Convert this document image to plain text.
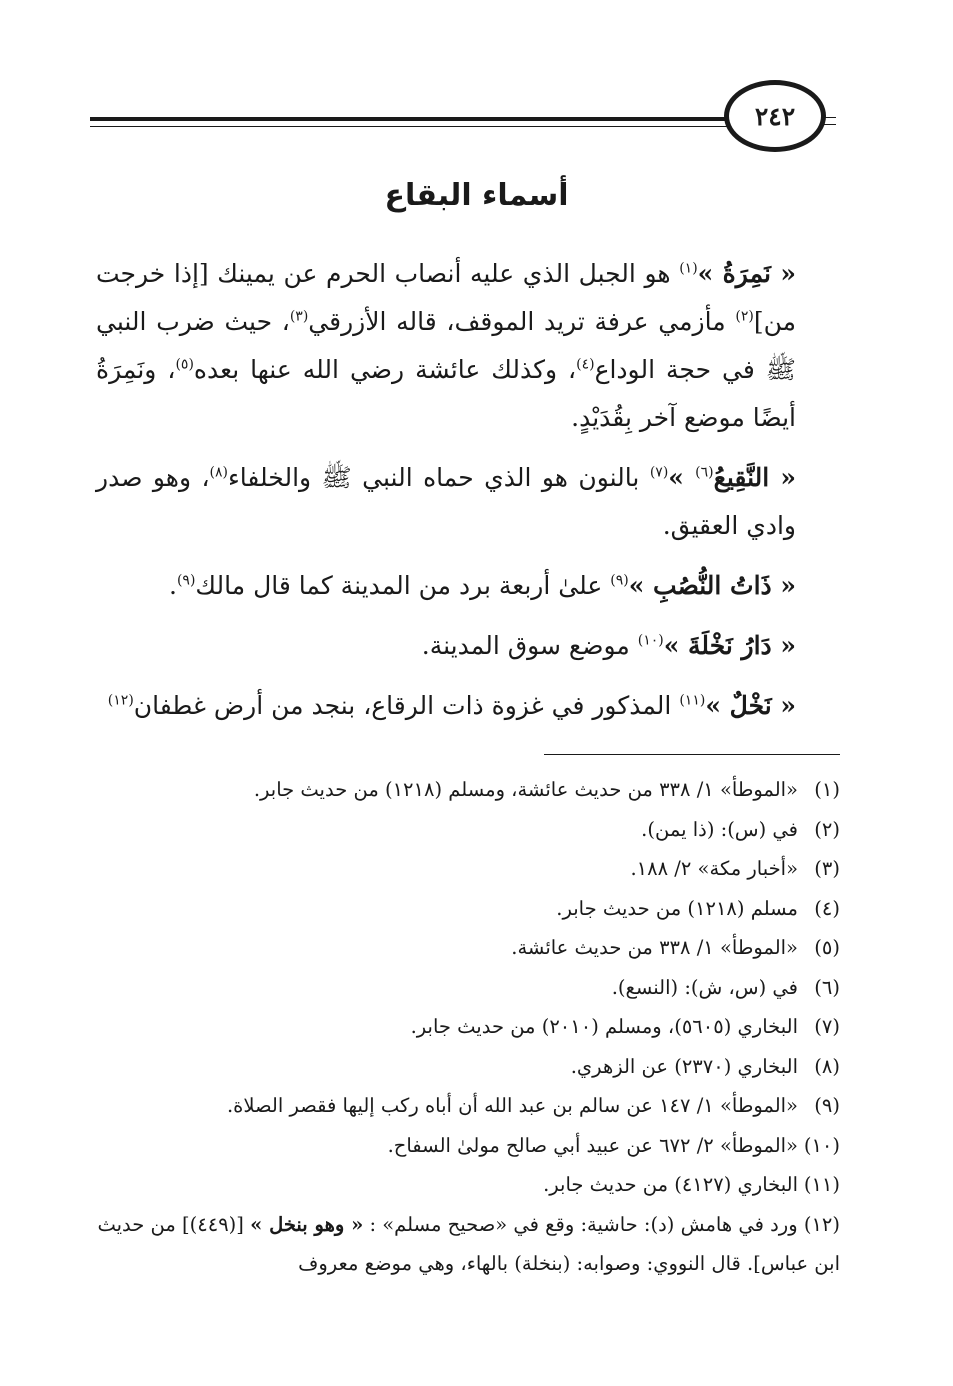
٢٤٢
أسماء البقاع

« نَمِرَةُ »$^{(١)}$ هو الجبل الذي عليه أنصاب الحرم عن يمينك [إذا خرجت من]$^{(٢)}$ مأزمي عرفة تريد الموقف، قاله الأزرقي$^{(٣)}$، حيث ضرب النبي ﷺ في حجة الوداع$^{(٤)}$، وكذلك عائشة رضي الله عنها بعده$^{(٥)}$، ونَمِرَةُ أيضًا موضع آخر بِقُدَيْدٍ.

« النَّقِيعُ$^{(٦)}$ »$^{(٧)}$ بالنون هو الذي حماه النبي ﷺ والخلفاء$^{(٨)}$، وهو صدر وادي العقيق.

« ذَاتُ النُّصُبِ »$^{(٩)}$ علىٰ أربعة برد من المدينة كما قال مالك$^{(٩)}$.

« دَارُ نَخْلَةَ »$^{(١٠)}$ موضع سوق المدينة.

« نَخْلٌ »$^{(١١)}$ المذكور في غزوة ذات الرقاع، بنجد من أرض غطفان$^{(١٢)}$

(١)
«الموطأ» ١/ ٣٣٨ من حديث عائشة، ومسلم (١٢١٨) من حديث جابر.

(٢)
في (س): (ذا يمن).

(٣)
«أخبار مكة» ٢/ ١٨٨.

(٤)
مسلم (١٢١٨) من حديث جابر.

(٥)
«الموطأ» ١/ ٣٣٨ من حديث عائشة.

(٦)
في (س، ش): (النسع).

(٧)
البخاري (٥٦٠٥)، ومسلم (٢٠١٠) من حديث جابر.

(٨)
البخاري (٢٣٧٠) عن الزهري.

(٩)
«الموطأ» ١/ ١٤٧ عن سالم بن عبد الله أن أباه ركب إليها فقصر الصلاة.

(١٠)
«الموطأ» ٢/ ٦٧٢ عن عبيد أبي صالح مولىٰ السفاح.

(١١)
البخاري (٤١٢٧) من حديث جابر.

(١٢) ورد في هامش (د): حاشية: وقع في «صحيح مسلم» : « وهو بنخل » [(٤٤٩)] من حديث ابن عباس]. قال النووي: وصوابه: (بنخلة) بالهاء، وهي موضع معروف
